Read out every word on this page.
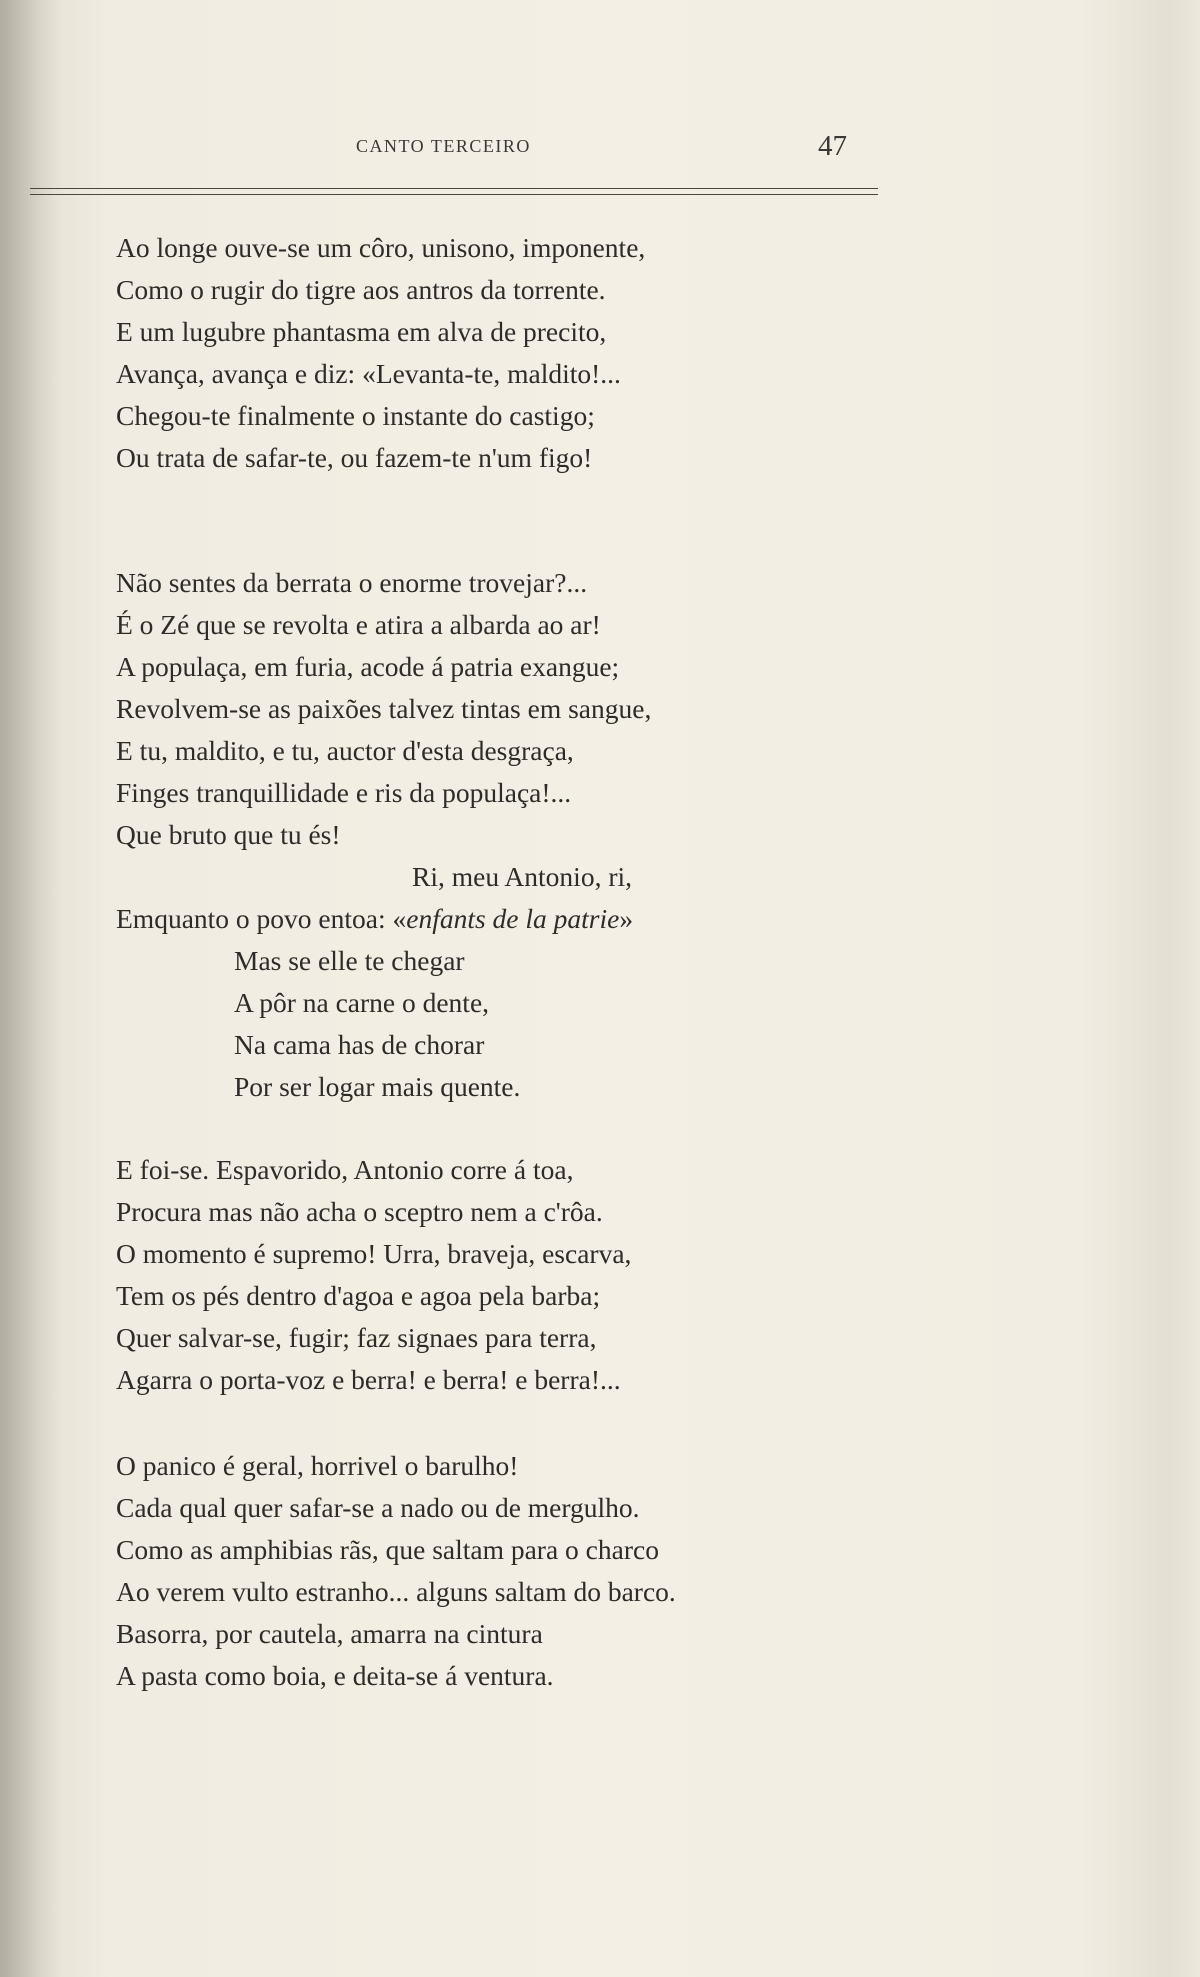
CANTO TERCEIRO	47
Ao longe ouve-se um côro, unisono, imponente,
Como o rugir do tigre aos antros da torrente.
E um lugubre phantasma em alva de precito,
Avança, avança e diz: «Levanta-te, maldito!...
Chegou-te finalmente o instante do castigo;
Ou trata de safar-te, ou fazem-te n'um figo!
Não sentes da berrata o enorme trovejar?...
É o Zé que se revolta e atira a albarda ao ar!
A populaça, em furia, acode á patria exangue;
Revolvem-se as paixões talvez tintas em sangue,
E tu, maldito, e tu, auctor d'esta desgraça,
Finges tranquillidade e ris da populaça!...
Que bruto que tu és!
Ri, meu Antonio, ri,
Emquanto o povo entoa: «enfants de la patrie»
Mas se elle te chegar
A pôr na carne o dente,
Na cama has de chorar
Por ser logar mais quente.
E foi-se. Espavorido, Antonio corre á toa,
Procura mas não acha o sceptro nem a c'rôa.
O momento é supremo! Urra, braveja, escarva,
Tem os pés dentro d'agoa e agoa pela barba;
Quer salvar-se, fugir; faz signaes para terra,
Agarra o porta-voz e berra! e berra! e berra!...
O panico é geral, horrivel o barulho!
Cada qual quer safar-se a nado ou de mergulho.
Como as amphibias rãs, que saltam para o charco
Ao verem vulto estranho... alguns saltam do barco.
Basorra, por cautela, amarra na cintura
A pasta como boia, e deita-se á ventura.
